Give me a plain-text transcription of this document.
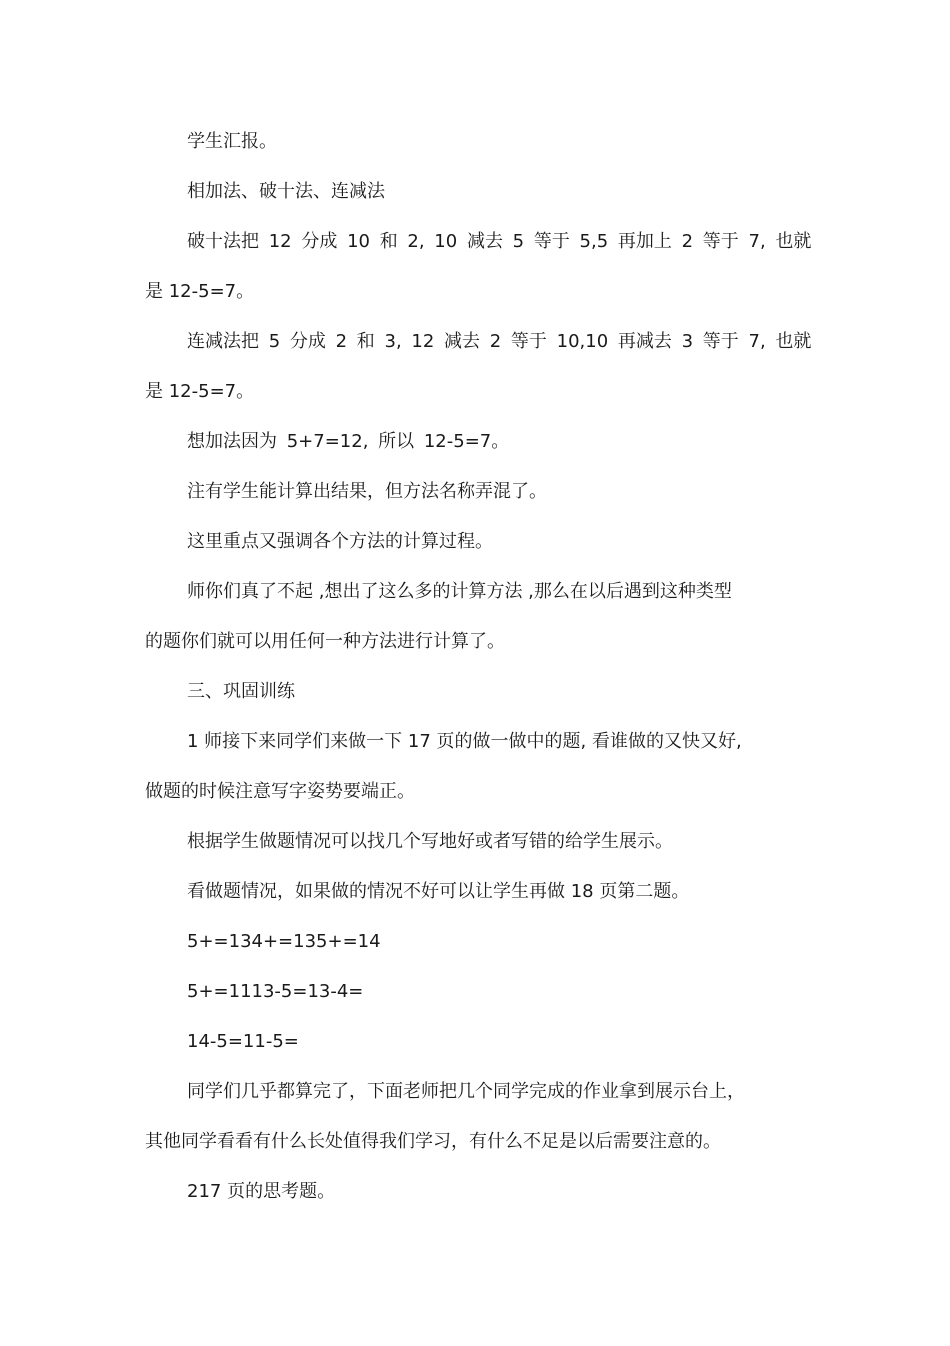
学生汇报。
相加法、破十法、连减法
破十法把 12 分成 10 和 2, 10 减去 5 等于 5,5 再加上 2 等于 7, 也就
是 12-5=7。
连减法把 5 分成 2 和 3, 12 减去 2 等于 10,10 再减去 3 等于 7, 也就
是 12-5=7。
想加法因为 5+7=12, 所以 12-5=7。
注有学生能计算出结果，但方法名称弄混了。
这里重点又强调各个方法的计算过程。
师你们真了不起 ,想出了这么多的计算方法 ,那么在以后遇到这种类型
的题你们就可以用任何一种方法进行计算了。
三、巩固训练
1 师接下来同学们来做一下 17 页的做一做中的题, 看谁做的又快又好,
做题的时候注意写字姿势要端正。
根据学生做题情况可以找几个写地好或者写错的给学生展示。
看做题情况，如果做的情况不好可以让学生再做 18 页第二题。
5+=134+=135+=14
5+=1113-5=13-4=
14-5=11-5=
同学们几乎都算完了，下面老师把几个同学完成的作业拿到展示台上，
其他同学看看有什么长处值得我们学习，有什么不足是以后需要注意的。
217 页的思考题。
